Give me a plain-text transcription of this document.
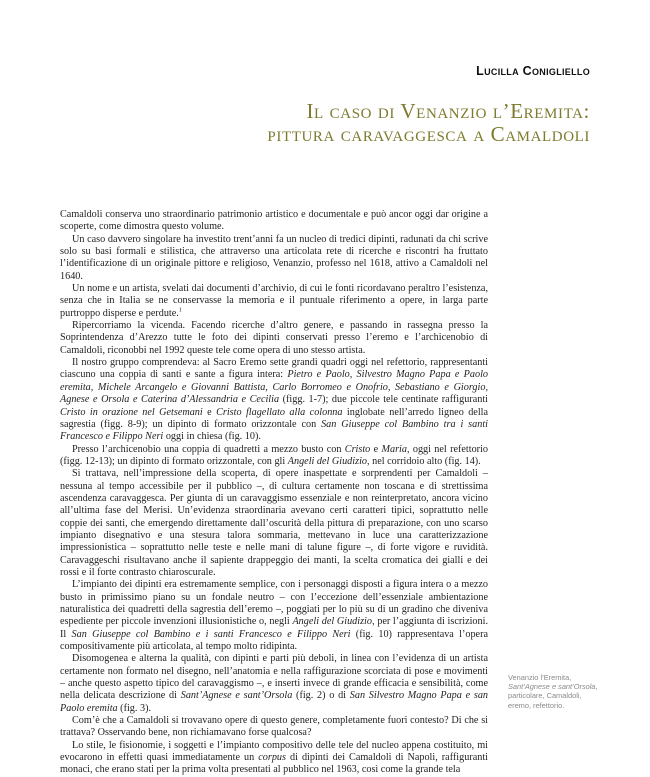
Lucilla Conigliello

Il caso di Venanzio l’Eremita:
pittura caravaggesca a Camaldoli

Camaldoli conserva uno straordinario patrimonio artistico e documentale e può ancor oggi dar origine a scoperte, come dimostra questo volume.

Un caso davvero singolare ha investito trent’anni fa un nucleo di tredici dipinti, radunati da chi scrive solo su basi formali e stilistica, che attraverso una articolata rete di ricerche e riscontri ha fruttato l’identificazione di un originale pittore e religioso, Venanzio, professo nel 1618, attivo a Camaldoli nel 1640.

Un nome e un artista, svelati dai documenti d’archivio, di cui le fonti ricordavano peraltro l’esistenza, senza che in Italia se ne conservasse la memoria e il puntuale riferimento a opere, in larga parte purtroppo disperse e perdute.$^1$

Ripercorriamo la vicenda. Facendo ricerche d’altro genere, e passando in rassegna presso la Soprintendenza d’Arezzo tutte le foto dei dipinti conservati presso l’eremo e l’archicenobio di Camaldoli, riconobbi nel 1992 queste tele come opera di uno stesso artista.

Il nostro gruppo comprendeva: al Sacro Eremo sette grandi quadri oggi nel refettorio, rappresentanti ciascuno una coppia di santi e sante a figura intera: Pietro e Paolo, Silvestro Magno Papa e Paolo eremita, Michele Arcangelo e Giovanni Battista, Carlo Borromeo e Onofrio, Sebastiano e Giorgio, Agnese e Orsola e Caterina d’Alessandria e Cecilia (figg. 1-7); due piccole tele centinate raffiguranti Cristo in orazione nel Getsemani e Cristo flagellato alla colonna inglobate nell’arredo ligneo della sagrestia (figg. 8-9); un dipinto di formato orizzontale con San Giuseppe col Bambino tra i santi Francesco e Filippo Neri oggi in chiesa (fig. 10).

Presso l’archicenobio una coppia di quadretti a mezzo busto con Cristo e Maria, oggi nel refettorio (figg. 12-13); un dipinto di formato orizzontale, con gli Angeli del Giudizio, nel corridoio alto (fig. 14).

Si trattava, nell’impressione della scoperta, di opere inaspettate e sorprendenti per Camaldoli – nessuna al tempo accessibile per il pubblico –, di cultura certamente non toscana e di strettissima ascendenza caravaggesca. Per giunta di un caravaggismo essenziale e non reinterpretato, ancora vicino all’ultima fase del Merisi. Un’evidenza straordinaria avevano certi caratteri tipici, soprattutto nelle coppie dei santi, che emergendo direttamente dall’oscurità della pittura di preparazione, con uno scarso impianto disegnativo e una stesura talora sommaria, mettevano in luce una caratterizzazione impressionistica – soprattutto nelle teste e nelle mani di talune figure –, di forte vigore e ruvidità. Caravaggeschi risultavano anche il sapiente drappeggio dei manti, la scelta cromatica dei gialli e dei rossi e il forte contrasto chiaroscurale.

L’impianto dei dipinti era estremamente semplice, con i personaggi disposti a figura intera o a mezzo busto in primissimo piano su un fondale neutro – con l’eccezione dell’essenziale ambientazione naturalistica dei quadretti della sagrestia dell’eremo –, poggiati per lo più su di un gradino che diveniva espediente per piccole invenzioni illusionistiche o, negli Angeli del Giudizio, per l’aggiunta di iscrizioni. Il San Giuseppe col Bambino e i santi Francesco e Filippo Neri (fig. 10) rappresentava l’opera compositivamente più articolata, al tempo molto ridipinta.

Disomogenea e alterna la qualità, con dipinti e parti più deboli, in linea con l’evidenza di un artista certamente non formato nel disegno, nell’anatomia e nella raffigurazione scorciata di pose e movimenti – anche questo aspetto tipico del caravaggismo –, e inserti invece di grande efficacia e sensibilità, come nella delicata descrizione di Sant’Agnese e sant’Orsola (fig. 2) o di San Silvestro Magno Papa e san Paolo eremita (fig. 3).

Com’è che a Camaldoli si trovavano opere di questo genere, completamente fuori contesto? Di che si trattava? Osservando bene, non richiamavano forse qualcosa?

Lo stile, le fisionomie, i soggetti e l’impianto compositivo delle tele del nucleo appena costituito, mi evocarono in effetti quasi immediatamente un corpus di dipinti dei Camaldoli di Napoli, raffiguranti monaci, che erano stati per la prima volta presentati al pubblico nel 1963, così come la grande tela

Venanzio l’Eremita, Sant’Agnese e sant’Orsola, particolare, Camaldoli, eremo, refettorio.
